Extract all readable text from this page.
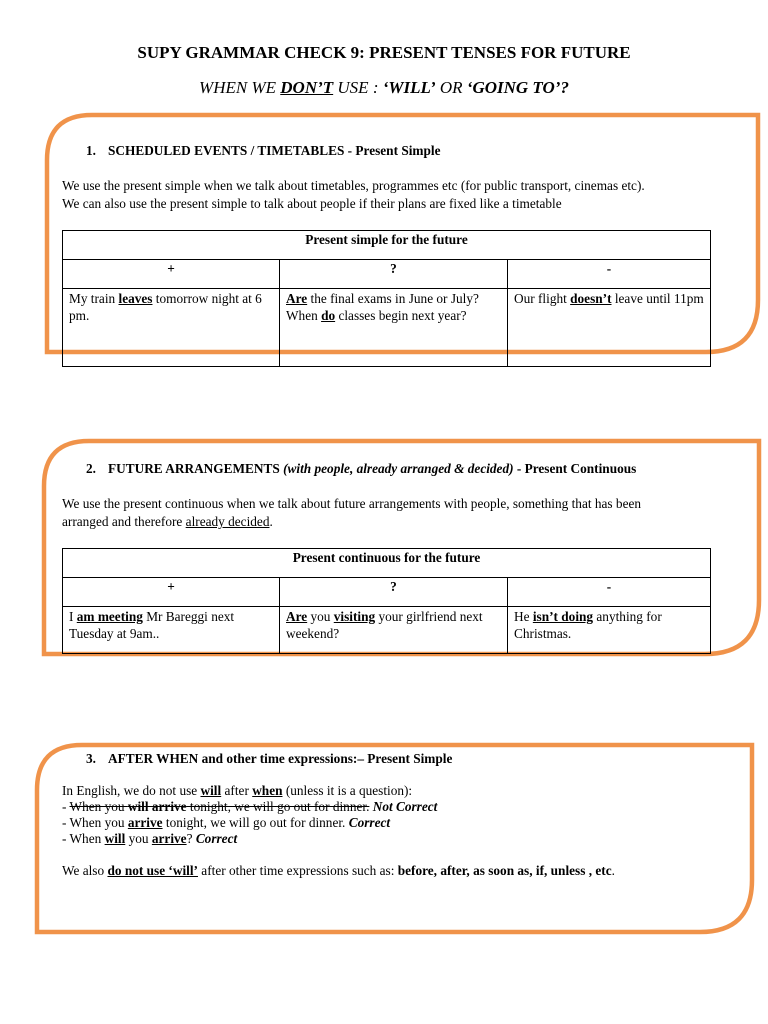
SUPY GRAMMAR CHECK 9: PRESENT TENSES FOR FUTURE
WHEN WE DON’T USE : ‘WILL’ OR ‘GOING TO’?
1. SCHEDULED EVENTS / TIMETABLES - Present Simple
We use the present simple when we talk about timetables, programmes etc (for public transport, cinemas etc).
We can also use the present simple to talk about people if their plans are fixed like a timetable
Present simple for the future		
+	?	-
My train leaves tomorrow night at 6 pm.	Are the final exams in June or July? When do classes begin next year?	Our flight doesn’t leave until 11pm
2. FUTURE ARRANGEMENTS (with people, already arranged & decided) - Present Continuous
We use the present continuous when we talk about future arrangements with people, something that has been
arranged and therefore already decided.
Present continuous for the future		
+	?	-
I am meeting Mr Bareggi next Tuesday at 9am..	Are you visiting your girlfriend next weekend?	He isn’t doing anything for Christmas.
3. AFTER WHEN and other time expressions:– Present Simple
In English, we do not use will after when (unless it is a question):
- When you will arrive tonight, we will go out for dinner. Not Correct
- When you arrive tonight, we will go out for dinner. Correct
- When will you arrive? Correct
We also do not use ‘will’ after other time expressions such as: before, after, as soon as, if, unless , etc.
